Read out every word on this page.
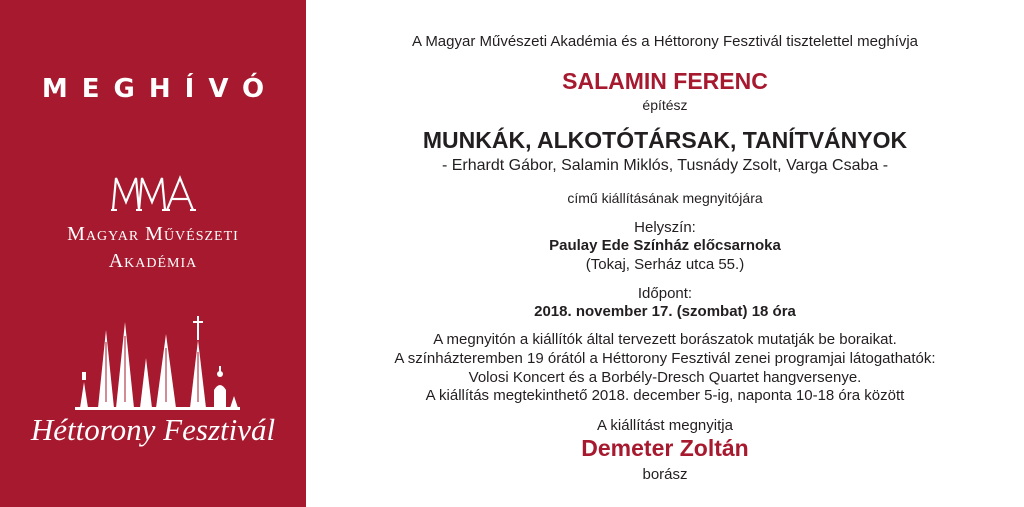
MEGHÍVÓ
Magyar Művészeti
Akadémia
Héttorony Fesztivál
A Magyar Művészeti Akadémia és a Héttorony Fesztivál tisztelettel meghívja
SALAMIN FERENC
építész
MUNKÁK, ALKOTÓTÁRSAK, TANÍTVÁNYOK
- Erhardt Gábor, Salamin Miklós, Tusnády Zsolt, Varga Csaba -
című kiállításának megnyitójára
Helyszín:
Paulay Ede Színház előcsarnoka
(Tokaj, Serház utca 55.)
Időpont:
2018. november 17. (szombat) 18 óra
A megnyitón a kiállítók által tervezett borászatok mutatják be boraikat.
A színházteremben 19 órától a Héttorony Fesztivál zenei programjai látogathatók:
Volosi Koncert és a Borbély-Dresch Quartet hangversenye.
A kiállítás megtekinthető 2018. december 5-ig, naponta 10-18 óra között
A kiállítást megnyitja
Demeter Zoltán
borász
